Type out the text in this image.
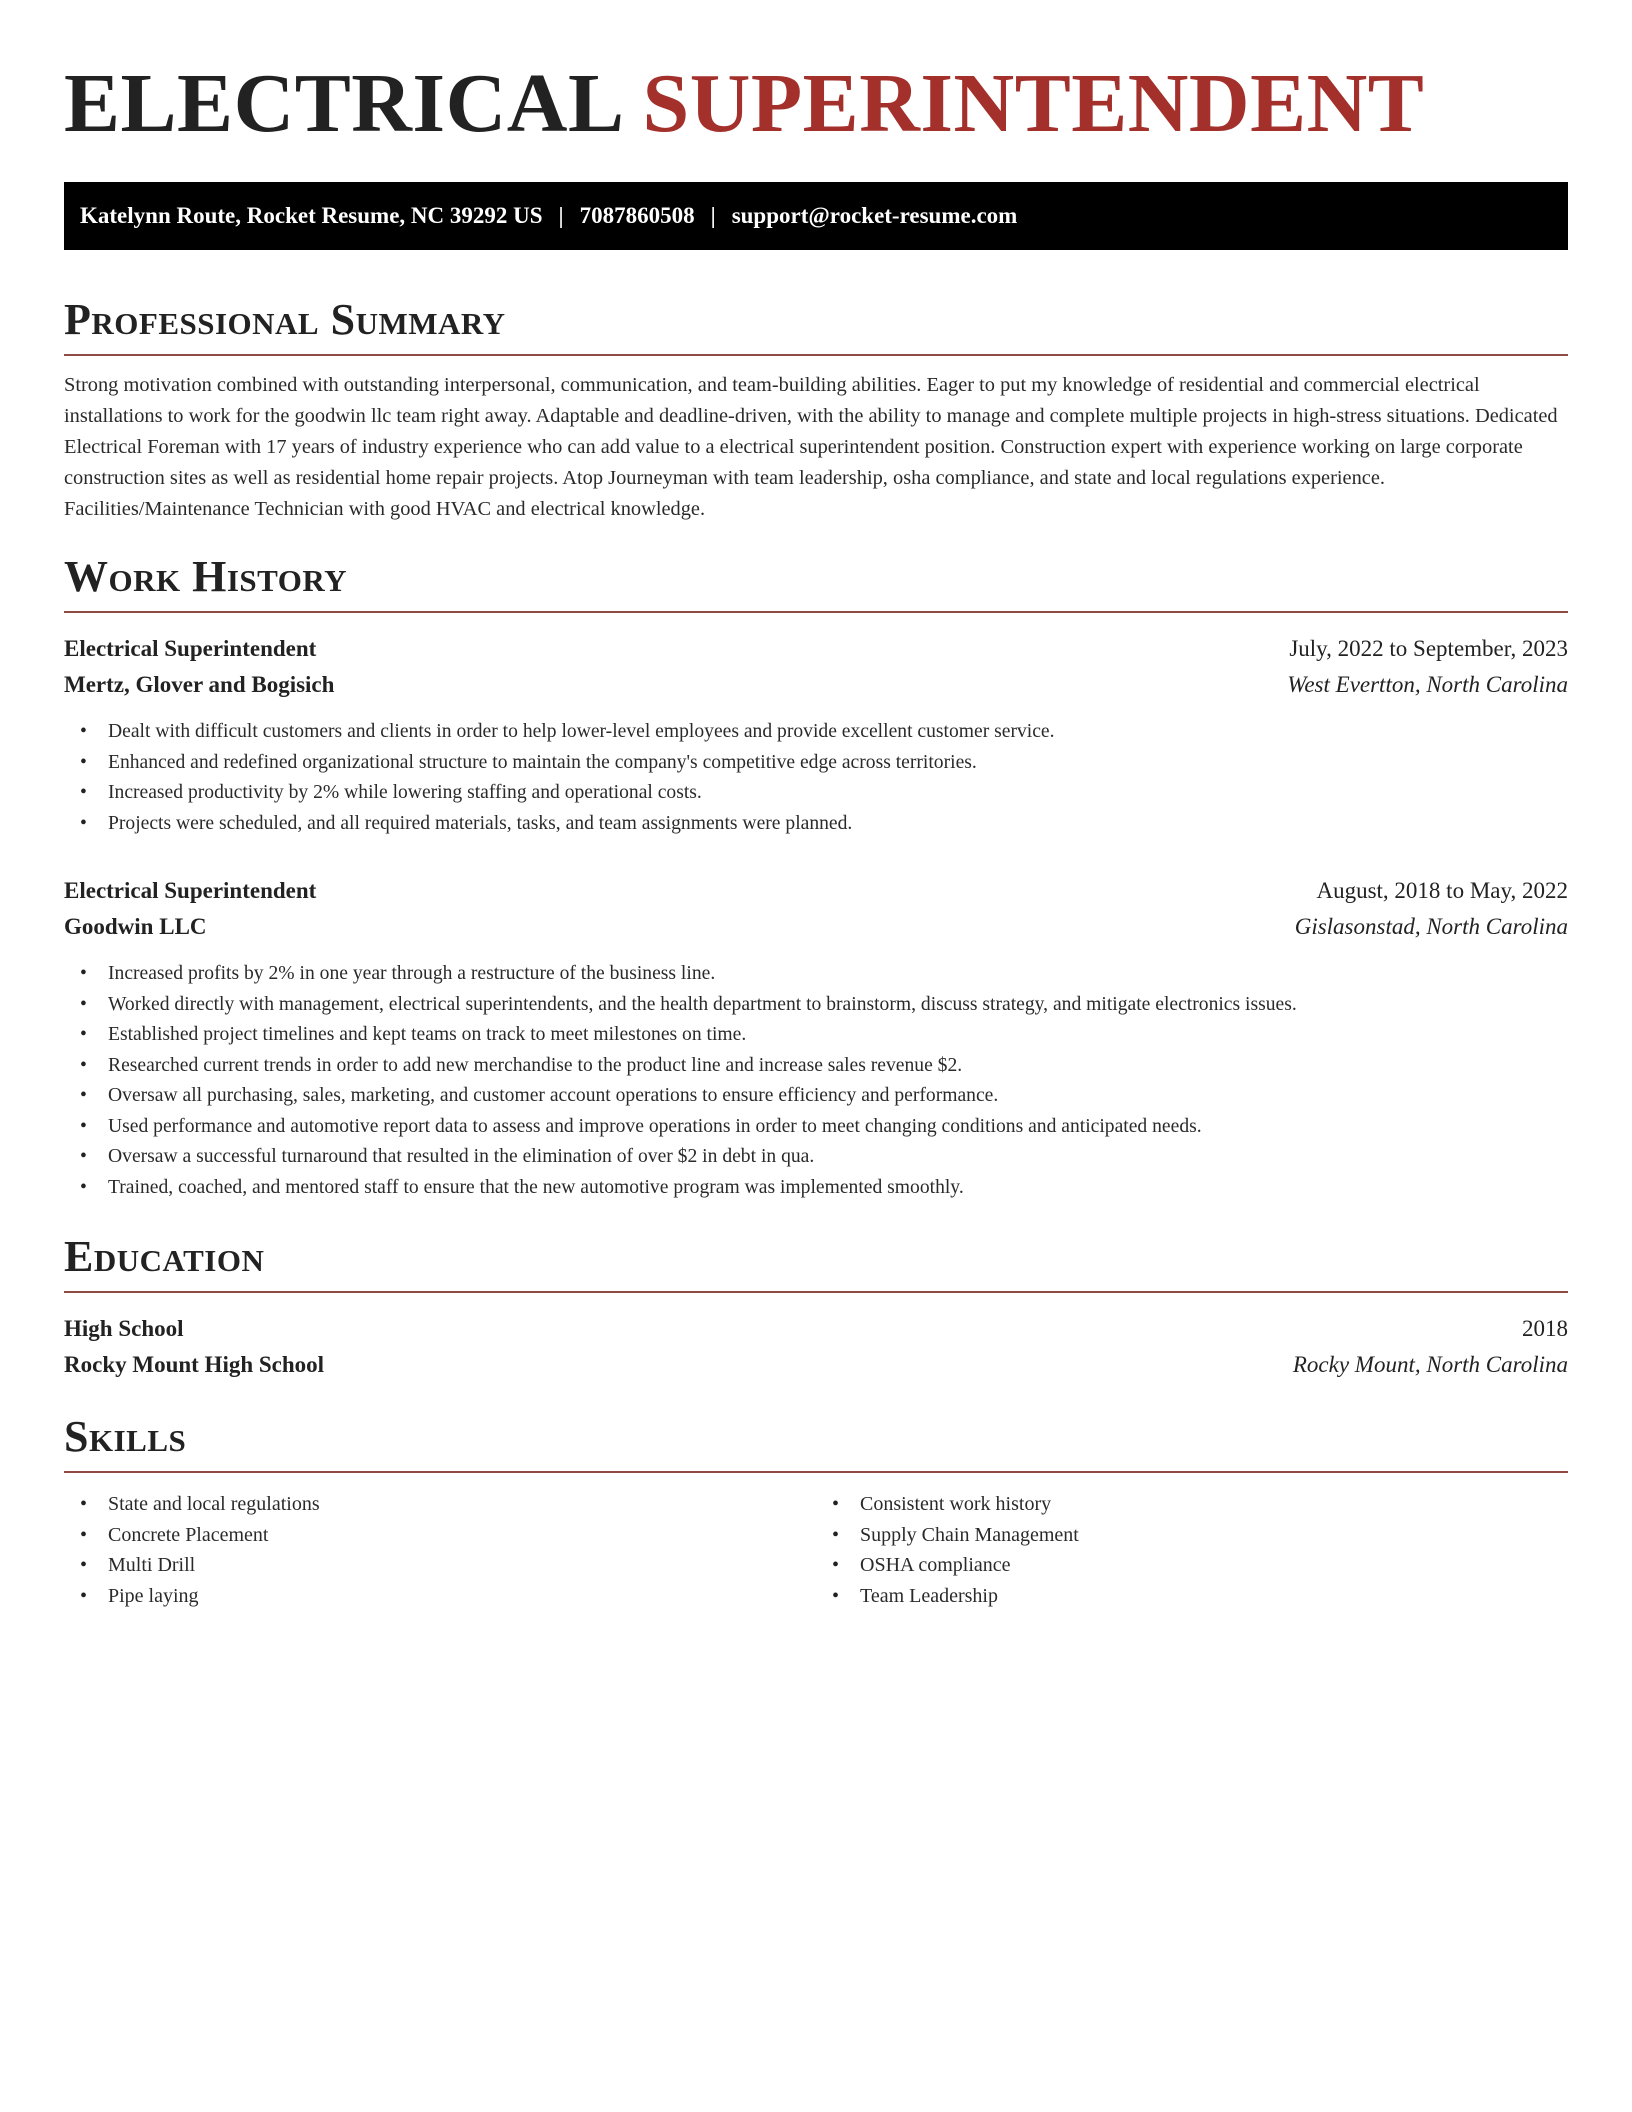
ELECTRICAL SUPERINTENDENT
Katelynn Route, Rocket Resume, NC 39292 US | 7087860508 | support@rocket-resume.com
Professional Summary

Strong motivation combined with outstanding interpersonal, communication, and team-building abilities. Eager to put my knowledge of residential and commercial electrical installations to work for the goodwin llc team right away. Adaptable and deadline-driven, with the ability to manage and complete multiple projects in high-stress situations. Dedicated Electrical Foreman with 17 years of industry experience who can add value to a electrical superintendent position. Construction expert with experience working on large corporate construction sites as well as residential home repair projects. Atop Journeyman with team leadership, osha compliance, and state and local regulations experience. Facilities/Maintenance Technician with good HVAC and electrical knowledge.

Work History
Electrical Superintendent	July, 2022 to September, 2023
Mertz, Glover and Bogisich	West Evertton, North Carolina
• Dealt with difficult customers and clients in order to help lower-level employees and provide excellent customer service.
• Enhanced and redefined organizational structure to maintain the company's competitive edge across territories.
• Increased productivity by 2% while lowering staffing and operational costs.
• Projects were scheduled, and all required materials, tasks, and team assignments were planned.
Electrical Superintendent	August, 2018 to May, 2022
Goodwin LLC	Gislasonstad, North Carolina
• Increased profits by 2% in one year through a restructure of the business line.
• Worked directly with management, electrical superintendents, and the health department to brainstorm, discuss strategy, and mitigate electronics issues.
• Established project timelines and kept teams on track to meet milestones on time.
• Researched current trends in order to add new merchandise to the product line and increase sales revenue $2.
• Oversaw all purchasing, sales, marketing, and customer account operations to ensure efficiency and performance.
• Used performance and automotive report data to assess and improve operations in order to meet changing conditions and anticipated needs.
• Oversaw a successful turnaround that resulted in the elimination of over $2 in debt in qua.
• Trained, coached, and mentored staff to ensure that the new automotive program was implemented smoothly.
Education
High School	2018
Rocky Mount High School	Rocky Mount, North Carolina
Skills
• State and local regulations
• Concrete Placement
• Multi Drill
• Pipe laying
• Consistent work history
• Supply Chain Management
• OSHA compliance
• Team Leadership
